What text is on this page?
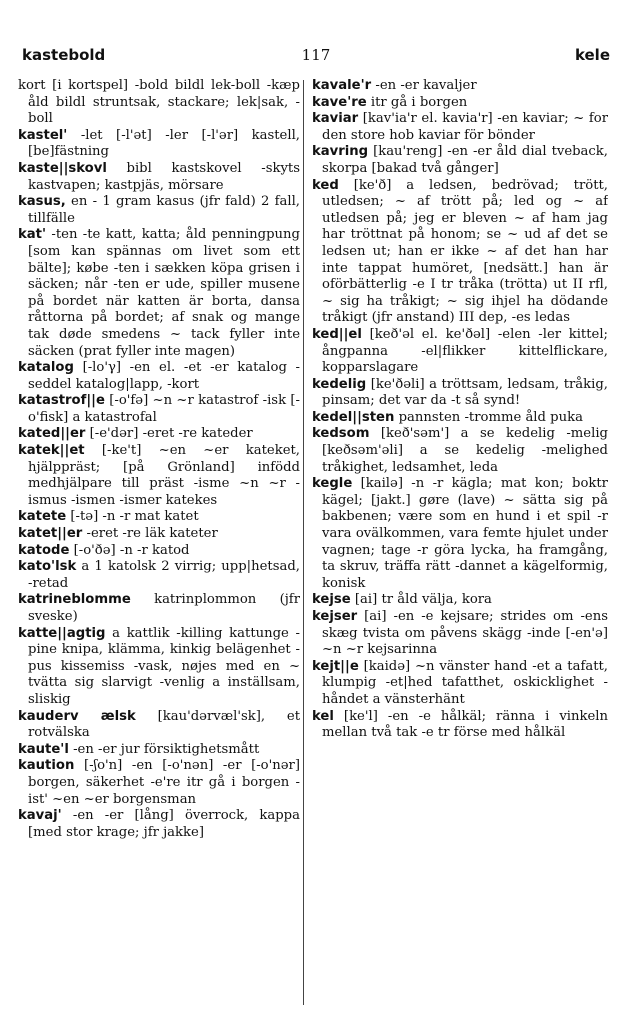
kastebold	117	kele

kort [i kortspel] -bold bildl lek-boll -kæp åld bildl struntsak, stackare; lek|sak, -boll

kastel' -let [-l'ət] -ler [-l'ər] kastell, [be]fästning

kaste||skovl bibl kastskovel -skyts kastvapen; kastpjäs, mörsare

kasus, en - 1 gram kasus (jfr fald) 2 fall, tillfälle

kat' -ten -te katt, katta; åld penningpung [som kan spännas om livet som ett bälte]; købe -ten i sækken köpa grisen i säcken; når -ten er ude, spiller musene på bordet när katten är borta, dansa råttorna på bordet; af snak og mange tak døde smedens ~ tack fyller inte säcken (prat fyller inte magen)

katalog [-lo'γ] -en el. -et -er katalog -seddel katalog|lapp, -kort

katastrof||e [-o'fə] ~n ~r katastrof -isk [-o'fisk] a katastrofal

kated||er [-e'dər] -eret -re kateder

katek||et [-ke't] ~en ~er kateket, hjälppräst; [på Grönland] infödd medhjälpare till präst -isme ~n ~r -ismus -ismen -ismer katekes

katete [-tə] -n -r mat katet

katet||er -eret -re läk kateter

katode [-o'ðə] -n -r katod

kato'lsk a 1 katolsk 2 virrig; upp|hetsad, -retad

katrineblomme katrinplommon (jfr sveske)

katte||agtig a kattlik -killing kattunge -pine knipa, klämma, kinkig belägenhet -pus kissemiss -vask, nøjes med en ~ tvätta sig slarvigt -venlig a inställsam, sliskig

kauderv ælsk [kau'dərvæl'sk], et rotvälska

kaute'l -en -er jur försiktighetsmått

kaution [-ʃo'n] -en [-o'nən] -er [-o'nər] borgen, säkerhet -e're itr gå i borgen -ist' ~en ~er borgensman

kavaj' -en -er [lång] överrock, kappa [med stor krage; jfr jakke]

kavale'r -en -er kavaljer

kave're itr gå i borgen

kaviar [kav'ia'r el. kavia'r] -en kaviar; ~ for den store hob kaviar för bönder

kavring [kau'reng] -en -er åld dial tveback, skorpa [bakad två gånger]

ked [ke'ð] a ledsen, bedrövad; trött, utledsen; ~ af trött på; led og ~ af utledsen på; jeg er bleven ~ af ham jag har tröttnat på honom; se ~ ud af det se ledsen ut; han er ikke ~ af det han har inte tappat humöret, [nedsätt.] han är oförbätterlig -e I tr tråka (trötta) ut II rfl, ~ sig ha tråkigt; ~ sig ihjel ha dödande tråkigt (jfr anstand) III dep, -es ledas

ked||el [keð'əl el. ke'ðəl] -elen -ler kittel; ångpanna -el|flikker kittelflickare, kopparslagare

kedelig [ke'ðəli] a tröttsam, ledsam, tråkig, pinsam; det var da -t så synd!

kedel||sten pannsten -tromme åld puka

kedsom [keð'səm'] a se kedelig -melig [keðsəm'əli] a se kedelig -melighed tråkighet, ledsamhet, leda

kegle [kailə] -n -r kägla; mat kon; boktr kägel; [jakt.] gøre (lave) ~ sätta sig på bakbenen; være som en hund i et spil -r vara ovälkommen, vara femte hjulet under vagnen; tage -r göra lycka, ha framgång, ta skruv, träffa rätt -dannet a kägelformig, konisk

kejse [ai] tr åld välja, kora

kejser [ai] -en -e kejsare; strides om -ens skæg tvista om påvens skägg -inde [-en'ə] ~n ~r kejsarinna

kejt||e [kaidə] ~n vänster hand -et a tafatt, klumpig -et|hed tafatthet, oskicklighet -håndet a vänsterhänt

kel [ke'l] -en -e hålkäl; ränna i vinkeln mellan två tak -e tr förse med hålkäl
